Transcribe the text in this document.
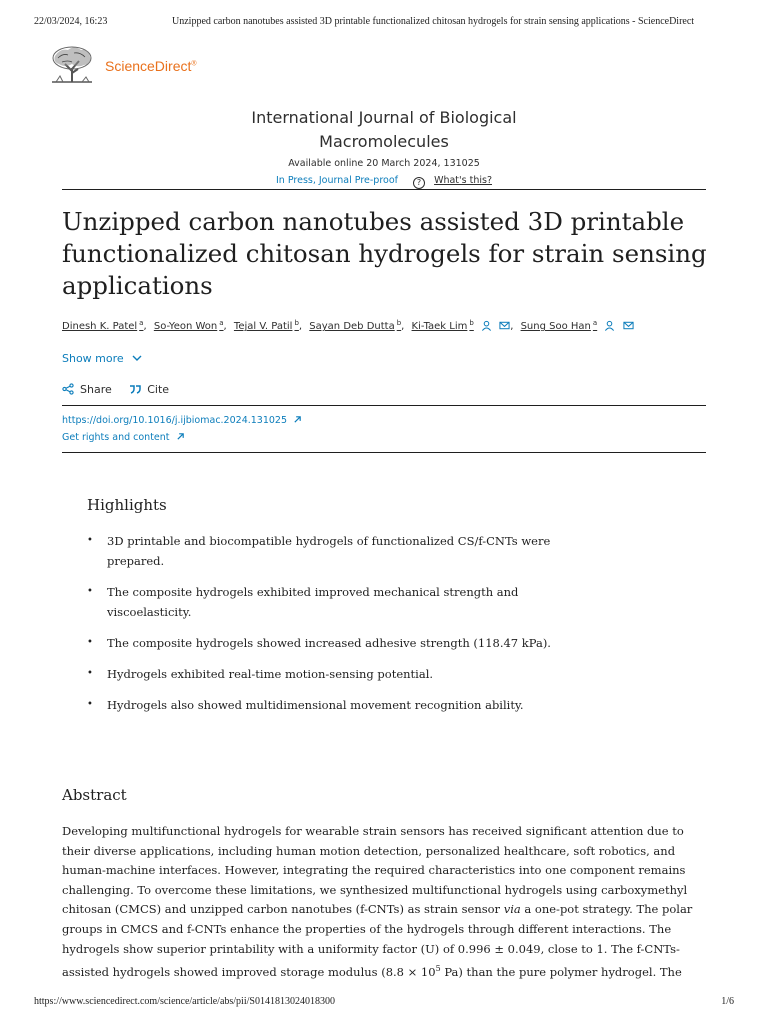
22/03/2024, 16:23	Unzipped carbon nanotubes assisted 3D printable functionalized chitosan hydrogels for strain sensing applications - ScienceDirect
ScienceDirect®
International Journal of Biological
Macromolecules
Available online 20 March 2024, 131025
In Press, Journal Pre-proof ? What's this?
Unzipped carbon nanotubes assisted 3D printable
functionalized chitosan hydrogels for strain sensing
applications
Dinesh K. Patel $^a$, So-Yeon Won $^a$, Tejal V. Patil $^b$, Sayan Deb Dutta $^b$, Ki-Taek Lim $^b$	, Sung Soo Han $^a$
Show more
Share	Cite
https://doi.org/10.1016/j.ijbiomac.2024.131025
Get rights and content
Highlights
• 3D printable and biocompatible hydrogels of functionalized CS/f-CNTs were
prepared.
• The composite hydrogels exhibited improved mechanical strength and
viscoelasticity.
• The composite hydrogels showed increased adhesive strength (118.47 kPa).
• Hydrogels exhibited real-time motion-sensing potential.
• Hydrogels also showed multidimensional movement recognition ability.
Abstract

Developing multifunctional hydrogels for wearable strain sensors has received significant attention due to
their diverse applications, including human motion detection, personalized healthcare, soft robotics, and
human-machine interfaces. However, integrating the required characteristics into one component remains
challenging. To overcome these limitations, we synthesized multifunctional hydrogels using carboxymethyl
chitosan (CMCS) and unzipped carbon nanotubes (f-CNTs) as strain sensor via a one-pot strategy. The polar
groups in CMCS and f-CNTs enhance the properties of the hydrogels through different interactions. The
hydrogels show superior printability with a uniformity factor (U) of 0.996 ± 0.049, close to 1. The f-CNTs-
assisted hydrogels showed improved storage modulus ($8.8 \times 10^5$ Pa) than the pure polymer hydrogel. The

https://www.sciencedirect.com/science/article/abs/pii/S0141813024018300	1/6
